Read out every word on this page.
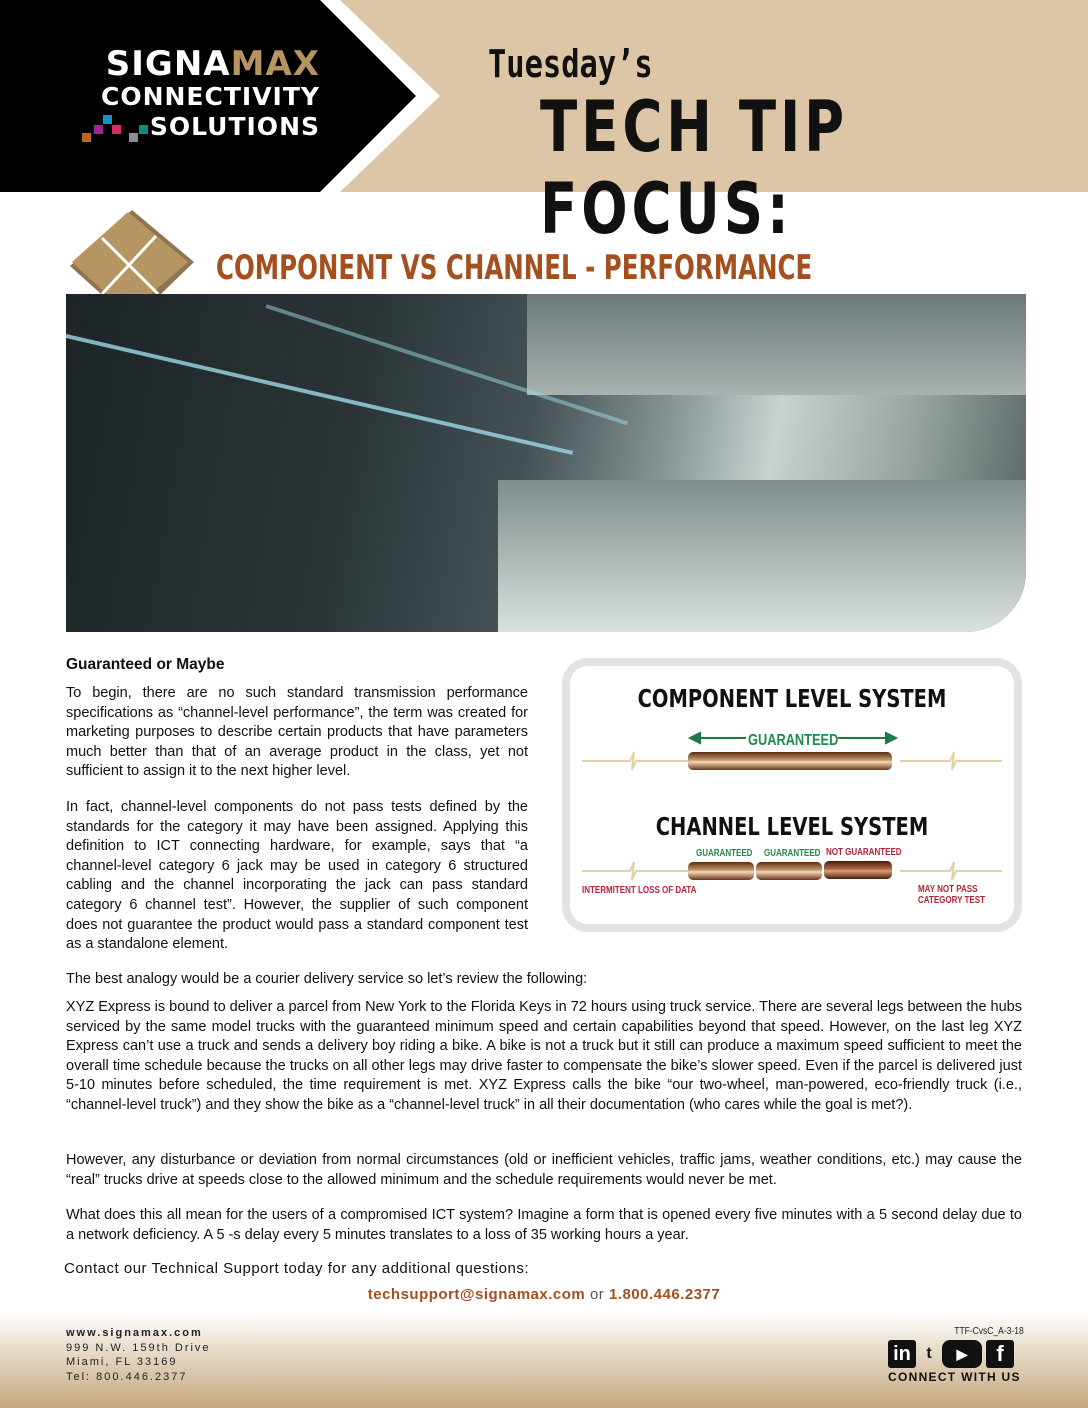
SIGNAMAX
CONNECTIVITY
SOLUTIONS
Tuesday’s
TECH TIP FOCUS:
COMPONENT VS CHANNEL - PERFORMANCE
Guaranteed or Maybe

To begin, there are no such standard transmission performance specifications as “channel-level performance”, the term was created for marketing purposes to describe certain products that have parameters much better than that of an average product in the class, yet not sufficient to assign it to the next higher level.

In fact, channel-level components do not pass tests defined by the standards for the category it may have been assigned. Applying this definition to ICT connecting hardware, for example, says that “a channel-level category 6 jack may be used in category 6 structured cabling and the channel incorporating the jack can pass standard category 6 channel test”. However, the supplier of such component does not guarantee the product would pass a standard component test as a standalone element.

COMPONENT LEVEL SYSTEM
GUARANTEED
CHANNEL LEVEL SYSTEM
GUARANTEED GUARANTEED NOT GUARANTEED
INTERMITENT LOSS OF DATA	MAY NOT PASS
CATEGORY TEST

The best analogy would be a courier delivery service so let’s review the following:

XYZ Express is bound to deliver a parcel from New York to the Florida Keys in 72 hours using truck service. There are several legs between the hubs serviced by the same model trucks with the guaranteed minimum speed and certain capabilities beyond that speed. However, on the last leg XYZ Express can’t use a truck and sends a delivery boy riding a bike. A bike is not a truck but it still can produce a maximum speed sufficient to meet the overall time schedule because the trucks on all other legs may drive faster to compensate the bike’s slower speed. Even if the parcel is delivered just 5-10 minutes before scheduled, the time requirement is met. XYZ Express calls the bike “our two-wheel, man-powered, eco-friendly truck (i.e., “channel-level truck”) and they show the bike as a “channel-level truck” in all their documentation (who cares while the goal is met?).

However, any disturbance or deviation from normal circumstances (old or inefficient vehicles, traffic jams, weather conditions, etc.) may cause the “real” trucks drive at speeds close to the allowed minimum and the schedule requirements would never be met.

What does this all mean for the users of a compromised ICT system? Imagine a form that is opened every five minutes with a 5 second delay due to a network deficiency. A 5 -s delay every 5 minutes translates to a loss of 35 working hours a year.

Contact our Technical Support today for any additional questions:
techsupport@signamax.com or 1.800.446.2377
www.signamax.com
999 N.W. 159th Drive
Miami, FL 33169
Tel: 800.446.2377
TTF-CvsC_A-3-18
in t	▶	f
CONNECT WITH US
